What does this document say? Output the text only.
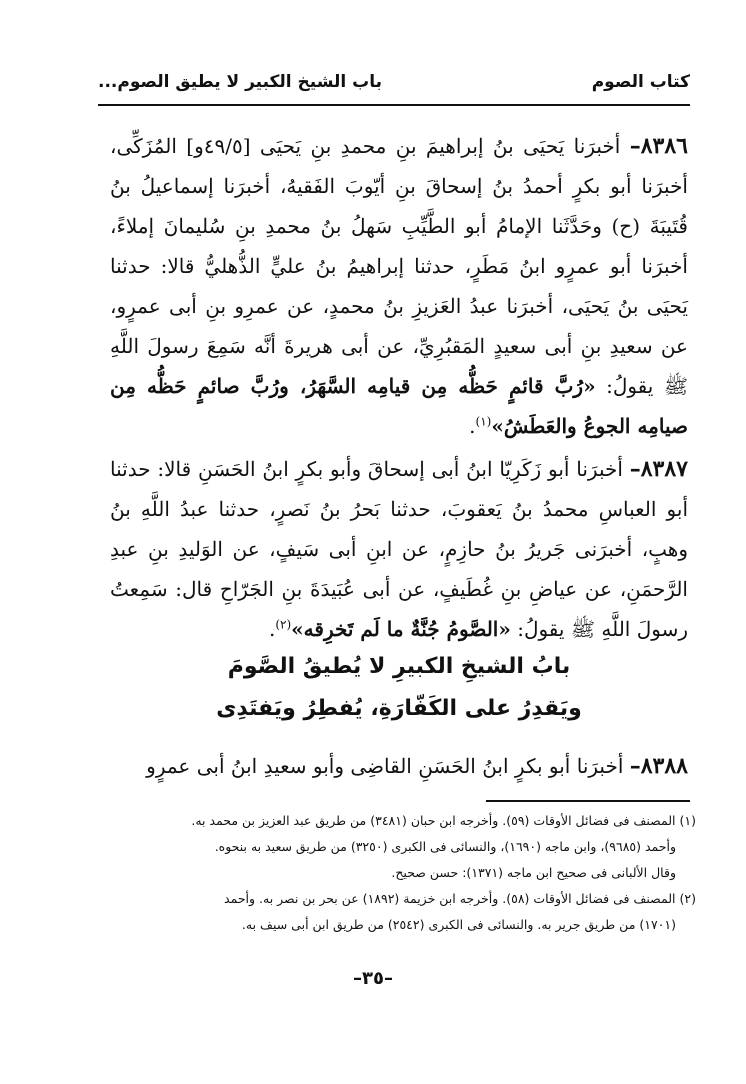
كتاب الصوم
باب الشيخ الكبير لا يطيق الصوم...

٨٣٨٦– أخبرَنا يَحيَى بنُ إبراهيمَ بنِ محمدِ بنِ يَحيَى [٤٩/٥و] المُزَكِّى، أخبرَنا أبو بكرٍ أحمدُ بنُ إسحاقَ بنِ أيّوبَ الفَقيهُ، أخبرَنا إسماعيلُ بنُ قُتَيبَةَ (ح) وحَدَّثَنا الإمامُ أبو الطَّيِّبِ سَهلُ بنُ محمدِ بنِ سُليمانَ إملاءً، أخبرَنا أبو عمرٍو ابنُ مَطَرٍ، حدثنا إبراهيمُ بنُ عليٍّ الذُّهليُّ قالا: حدثنا يَحيَى بنُ يَحيَى، أخبرَنا عبدُ العَزيزِ بنُ محمدٍ، عن عمرِو بنِ أبى عمرٍو، عن سعيدِ بنِ أبى سعيدٍ المَقبُرِيِّ، عن أبى هريرةَ أنَّه سَمِعَ رسولَ اللَّهِ ﷺ يقولُ: «رُبَّ قائمٍ حَظُّه مِن قيامِه السَّهَرُ، ورُبَّ صائمٍ حَظُّه مِن صيامِه الجوعُ والعَطَشُ»$^{(١)}$.

٨٣٨٧– أخبرَنا أبو زَكَرِيّا ابنُ أبى إسحاقَ وأبو بكرٍ ابنُ الحَسَنِ قالا: حدثنا أبو العباسِ محمدُ بنُ يَعقوبَ، حدثنا بَحرُ بنُ نَصرٍ، حدثنا عبدُ اللَّهِ بنُ وهبٍ، أخبرَنى جَريرُ بنُ حازِمٍ، عن ابنِ أبى سَيفٍ، عن الوَليدِ بنِ عبدِ الرَّحمَنِ، عن عياضِ بنِ غُطَيفٍ، عن أبى عُبَيدَةَ بنِ الجَرّاحِ قال: سَمِعتُ رسولَ اللَّهِ ﷺ يقولُ: «الصَّومُ جُنَّةٌ ما لَم تَخرِقه»$^{(٢)}$.

بابُ الشيخِ الكبيرِ لا يُطيقُ الصَّومَ
ويَقدِرُ على الكَفّارَةِ، يُفطِرُ ويَفتَدِى
٨٣٨٨– أخبرَنا أبو بكرٍ ابنُ الحَسَنِ القاضِى وأبو سعيدِ ابنُ أبى عمرٍو

(١) المصنف فى فضائل الأوقات (٥٩). وأخرجه ابن حبان (٣٤٨١) من طريق عبد العزيز بن محمد به.

وأحمد (٩٦٨٥)، وابن ماجه (١٦٩٠)، والنسائى فى الكبرى (٣٢٥٠) من طريق سعيد به بنحوه.

وقال الألبانى فى صحيح ابن ماجه (١٣٧١): حسن صحيح.

(٢) المصنف فى فضائل الأوقات (٥٨). وأخرجه ابن خزيمة (١٨٩٢) عن بحر بن نصر به. وأحمد

(١٧٠١) من طريق جرير به. والنسائى فى الكبرى (٢٥٤٢) من طريق ابن أبى سيف به.

–٣٥–
